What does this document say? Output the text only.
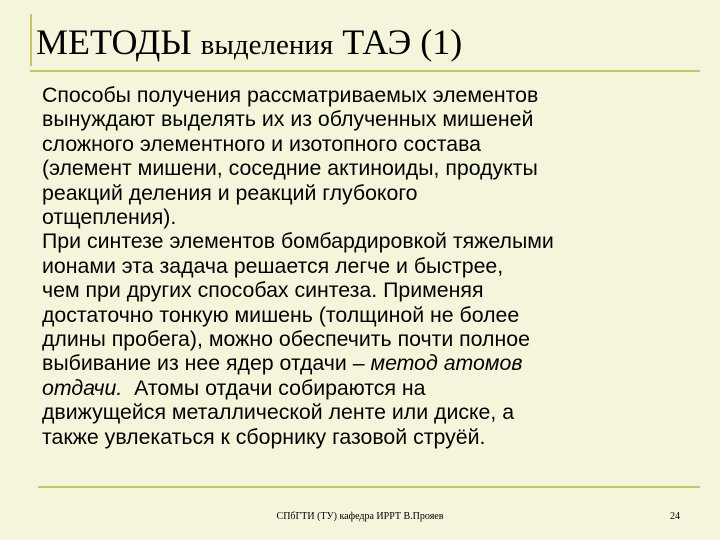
МЕТОДЫ выделения ТАЭ (1)

Способы получения рассматриваемых элементов
вынуждают выделять их из облученных мишеней
сложного элементного и изотопного состава
(элемент мишени, соседние актиноиды, продукты
реакций деления и реакций глубокого
отщепления).

При синтезе элементов бомбардировкой тяжелыми
ионами эта задача решается легче и быстрее,
чем при других способах синтеза. Применяя
достаточно тонкую мишень (толщиной не более
длины пробега), можно обеспечить почти полное
выбивание из нее ядер отдачи – метод атомов
отдачи.  Атомы отдачи собираются на
движущейся металлической ленте или диске, а
также увлекаться к сборнику газовой струёй.

СПбГТИ (ТУ) кафедра ИРРТ В.Прояев	24
